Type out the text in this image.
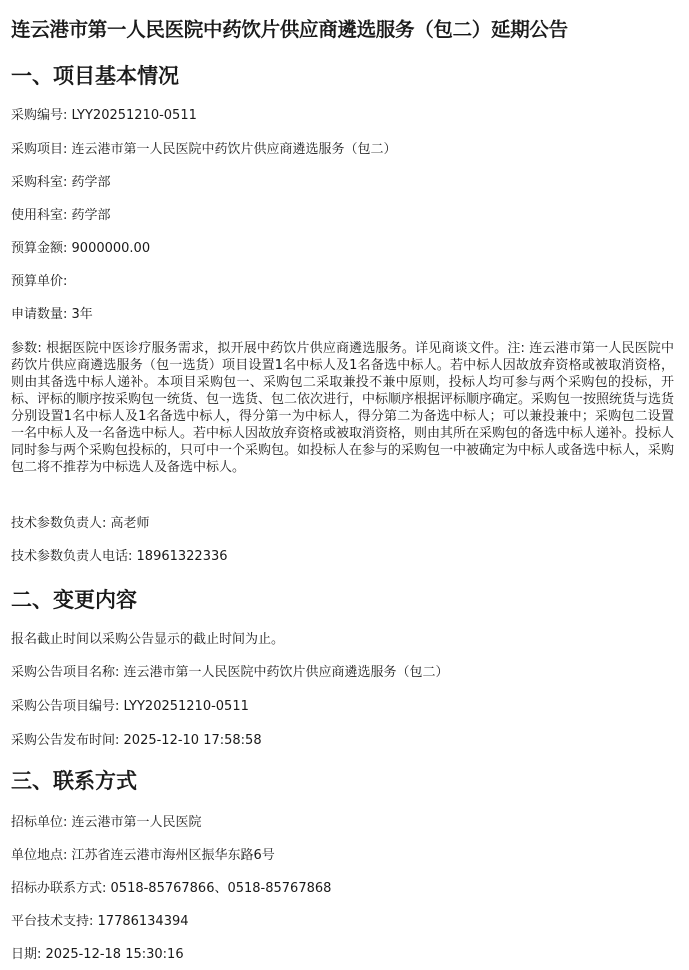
连云港市第一人民医院中药饮片供应商遴选服务（包二）延期公告
一、项目基本情况

采购编号: LYY20251210-0511

采购项目: 连云港市第一人民医院中药饮片供应商遴选服务（包二）

采购科室: 药学部

使用科室: 药学部

预算金额: 9000000.00

预算单价:

申请数量: 3年

参数: 根据医院中医诊疗服务需求，拟开展中药饮片供应商遴选服务。详见商谈文件。注: 连云港市第一人民医院中药饮片供应商遴选服务（包一选货）项目设置1名中标人及1名备选中标人。若中标人因故放弃资格或被取消资格，则由其备选中标人递补。本项目采购包一、采购包二采取兼投不兼中原则，投标人均可参与两个采购包的投标，开标、评标的顺序按采购包一统货、包一选货、包二依次进行，中标顺序根据评标顺序确定。采购包一按照统货与选货分别设置1名中标人及1名备选中标人，得分第一为中标人，得分第二为备选中标人；可以兼投兼中；采购包二设置一名中标人及一名备选中标人。若中标人因故放弃资格或被取消资格，则由其所在采购包的备选中标人递补。投标人同时参与两个采购包投标的，只可中一个采购包。如投标人在参与的采购包一中被确定为中标人或备选中标人，采购包二将不推荐为中标选人及备选中标人。

技术参数负责人: 高老师

技术参数负责人电话: 18961322336

二、变更内容

报名截止时间以采购公告显示的截止时间为止。

采购公告项目名称: 连云港市第一人民医院中药饮片供应商遴选服务（包二）

采购公告项目编号: LYY20251210-0511

采购公告发布时间: 2025-12-10 17:58:58

三、联系方式

招标单位: 连云港市第一人民医院

单位地点: 江苏省连云港市海州区振华东路6号

招标办联系方式: 0518-85767866、0518-85767868

平台技术支持: 17786134394

日期: 2025-12-18 15:30:16
